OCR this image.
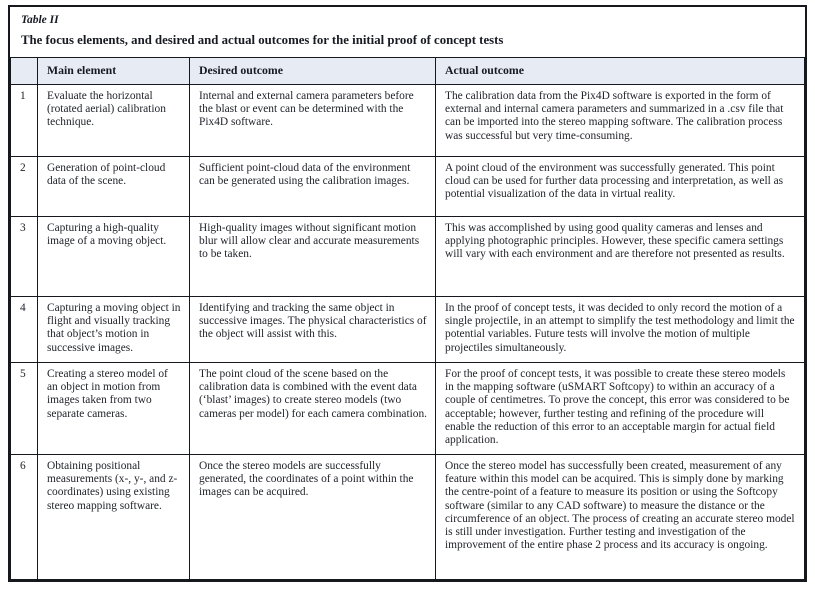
Table II
The focus elements, and desired and actual outcomes for the initial proof of concept tests
	Main element	Desired outcome	Actual outcome
1	Evaluate the horizontal (rotated aerial) calibration technique.	Internal and external camera parameters before the blast or event can be determined with the Pix4D software.	The calibration data from the Pix4D software is exported in the form of external and internal camera parameters and summarized in a .csv file that can be imported into the stereo mapping software. The calibration process was successful but very time-consuming.
2	Generation of point-cloud data of the scene.	Sufficient point-cloud data of the environment can be generated using the calibration images.	A point cloud of the environment was successfully generated. This point cloud can be used for further data processing and interpretation, as well as potential visualization of the data in virtual reality.
3	Capturing a high-quality image of a moving object.	High-quality images without significant motion blur will allow clear and accurate measurements to be taken.	This was accomplished by using good quality cameras and lenses and applying photographic principles. However, these specific camera settings will vary with each environment and are therefore not presented as results.
4	Capturing a moving object in flight and visually tracking that object’s motion in successive images.	Identifying and tracking the same object in successive images. The physical characteristics of the object will assist with this.	In the proof of concept tests, it was decided to only record the motion of a single projectile, in an attempt to simplify the test methodology and limit the potential variables. Future tests will involve the motion of multiple projectiles simultaneously.
5	Creating a stereo model of an object in motion from images taken from two separate cameras.	The point cloud of the scene based on the calibration data is combined with the event data (‘blast’ images) to create stereo models (two cameras per model) for each camera combination.	For the proof of concept tests, it was possible to create these stereo models in the mapping software (uSMART Softcopy) to within an accuracy of a couple of centimetres. To prove the concept, this error was considered to be acceptable; however, further testing and refining of the procedure will enable the reduction of this error to an acceptable margin for actual field application.
6	Obtaining positional measurements (x-, y-, and z-coordinates) using existing stereo mapping software.	Once the stereo models are successfully generated, the coordinates of a point within the images can be acquired.	Once the stereo model has successfully been created, measurement of any feature within this model can be acquired. This is simply done by marking the centre-point of a feature to measure its position or using the Softcopy software (similar to any CAD software) to measure the distance or the circumference of an object. The process of creating an accurate stereo model is still under investigation. Further testing and investigation of the improvement of the entire phase 2 process and its accuracy is ongoing.
